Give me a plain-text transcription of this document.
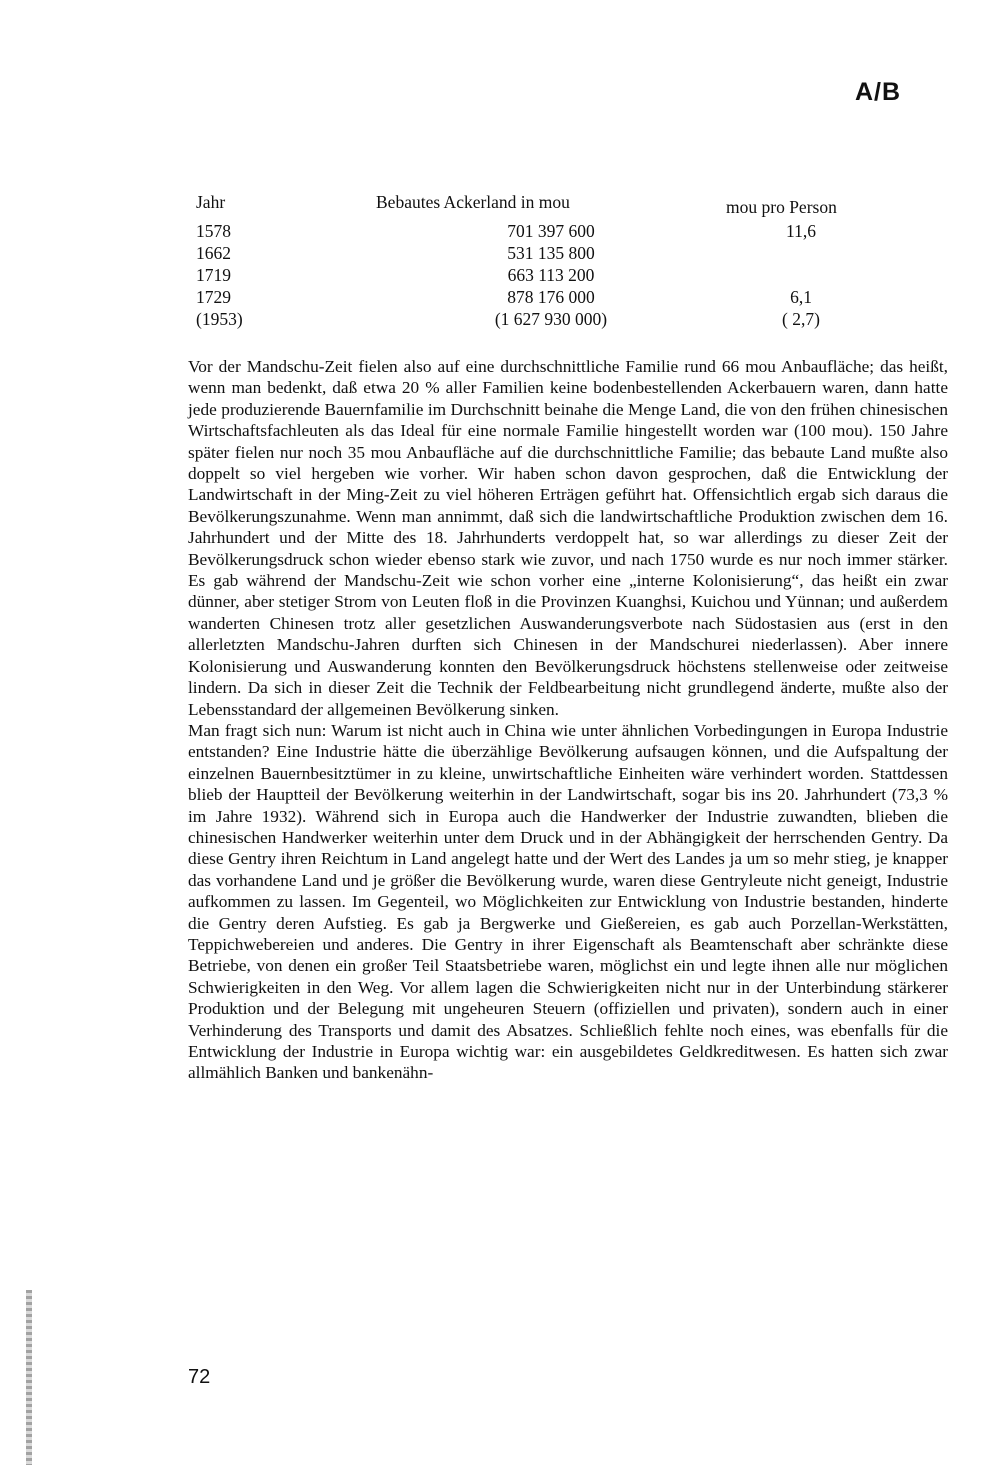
A/B
Jahr	Bebautes Ackerland in mou	mou pro Person
1578	701 397 600	11,6
1662	531 135 800	
1719	663 113 200	
1729	878 176 000	6,1
(1953)	(1 627 930 000)	( 2,7)

Vor der Mandschu-Zeit fielen also auf eine durchschnittliche Familie rund 66 mou Anbaufläche; das heißt, wenn man bedenkt, daß etwa 20 % aller Familien keine bodenbestellenden Ackerbauern waren, dann hatte jede produzierende Bauernfamilie im Durchschnitt beinahe die Menge Land, die von den frühen chinesischen Wirtschaftsfachleuten als das Ideal für eine normale Familie hingestellt worden war (100 mou). 150 Jahre später fielen nur noch 35 mou Anbaufläche auf die durchschnittliche Familie; das bebaute Land mußte also doppelt so viel hergeben wie vorher. Wir haben schon davon gesprochen, daß die Entwicklung der Landwirtschaft in der Ming-Zeit zu viel höheren Erträgen geführt hat. Offensichtlich ergab sich daraus die Bevölkerungszunahme. Wenn man annimmt, daß sich die landwirtschaftliche Produktion zwischen dem 16. Jahrhundert und der Mitte des 18. Jahrhunderts verdoppelt hat, so war allerdings zu dieser Zeit der Bevölkerungsdruck schon wieder ebenso stark wie zuvor, und nach 1750 wurde es nur noch immer stärker. Es gab während der Mandschu-Zeit wie schon vorher eine „interne Kolonisierung“, das heißt ein zwar dünner, aber stetiger Strom von Leuten floß in die Provinzen Kuanghsi, Kuichou und Yünnan; und außerdem wanderten Chinesen trotz aller gesetzlichen Auswanderungsverbote nach Südostasien aus (erst in den allerletzten Mandschu-Jahren durften sich Chinesen in der Mandschurei niederlassen). Aber innere Kolonisierung und Auswanderung konnten den Bevölkerungsdruck höchstens stellenweise oder zeitweise lindern. Da sich in dieser Zeit die Technik der Feldbearbeitung nicht grundlegend änderte, mußte also der Lebensstandard der allgemeinen Bevölkerung sinken.

Man fragt sich nun: Warum ist nicht auch in China wie unter ähnlichen Vorbedingungen in Europa Industrie entstanden? Eine Industrie hätte die überzählige Bevölkerung aufsaugen können, und die Aufspaltung der einzelnen Bauernbesitztümer in zu kleine, unwirtschaftliche Einheiten wäre verhindert worden. Stattdessen blieb der Hauptteil der Bevölkerung weiterhin in der Landwirtschaft, sogar bis ins 20. Jahrhundert (73,3 % im Jahre 1932). Während sich in Europa auch die Handwerker der Industrie zuwandten, blieben die chinesischen Handwerker weiterhin unter dem Druck und in der Abhängigkeit der herrschenden Gentry. Da diese Gentry ihren Reichtum in Land angelegt hatte und der Wert des Landes ja um so mehr stieg, je knapper das vorhandene Land und je größer die Bevölkerung wurde, waren diese Gentryleute nicht geneigt, Industrie aufkommen zu lassen. Im Gegenteil, wo Möglichkeiten zur Entwicklung von Industrie bestanden, hinderte die Gentry deren Aufstieg. Es gab ja Bergwerke und Gießereien, es gab auch Porzellan-Werkstätten, Teppichwebereien und anderes. Die Gentry in ihrer Eigenschaft als Beamtenschaft aber schränkte diese Betriebe, von denen ein großer Teil Staatsbetriebe waren, möglichst ein und legte ihnen alle nur möglichen Schwierigkeiten in den Weg. Vor allem lagen die Schwierigkeiten nicht nur in der Unterbindung stärkerer Produktion und der Belegung mit ungeheuren Steuern (offiziellen und privaten), sondern auch in einer Verhinderung des Transports und damit des Absatzes. Schließlich fehlte noch eines, was ebenfalls für die Entwicklung der Industrie in Europa wichtig war: ein ausgebildetes Geldkreditwesen. Es hatten sich zwar allmählich Banken und bankenähn-

72
